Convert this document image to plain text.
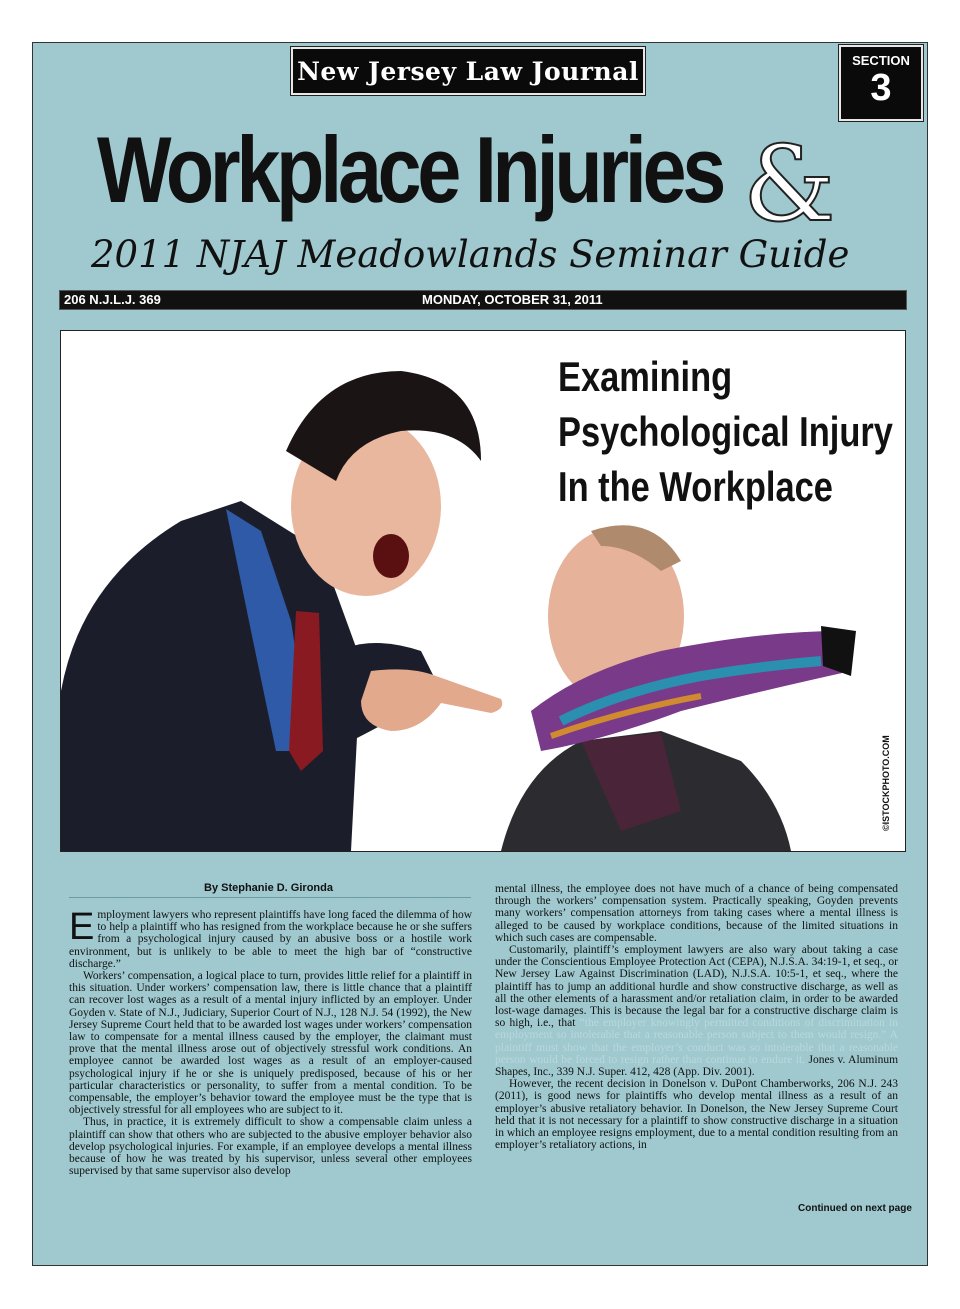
New Jersey Law Journal	SECTION
3
Workplace Injuries &
2011 NJAJ Meadowlands Seminar Guide
206 N.J.L.J. 369	MONDAY, OCTOBER 31, 2011
Examining
Psychological Injury
In the Workplace
©ISTOCKPHOTO.COM
By Stephanie D. Gironda

Employment lawyers who represent plaintiffs have long faced the dilemma of how to help a plaintiff who has resigned from the workplace because he or she suffers from a psychological injury caused by an abusive boss or a hostile work environment, but is unlikely to be able to meet the high bar of “constructive discharge.”

Workers’ compensation, a logical place to turn, provides little relief for a plaintiff in this situation. Under workers’ compensation law, there is little chance that a plaintiff can recover lost wages as a result of a mental injury inflicted by an employer. Under Goyden v. State of N.J., Judiciary, Superior Court of N.J., 128 N.J. 54 (1992), the New Jersey Supreme Court held that to be awarded lost wages under workers’ compensation law to compensate for a mental illness caused by the employer, the claimant must prove that the mental illness arose out of objectively stressful work conditions. An employee cannot be awarded lost wages as a result of an employer-caused psychological injury if he or she is uniquely predisposed, because of his or her particular characteristics or personality, to suffer from a mental condition. To be compensable, the employer’s behavior toward the employee must be the type that is objectively stressful for all employees who are subject to it.

Thus, in practice, it is extremely difficult to show a compensable claim unless a plaintiff can show that others who are subjected to the abusive employer behavior also develop psychological injuries. For example, if an employee develops a mental illness because of how he was treated by his supervisor, unless several other employees supervised by that same supervisor also develop

mental illness, the employee does not have much of a chance of being compensated through the workers’ compensation system. Practically speaking, Goyden prevents many workers’ compensation attorneys from taking cases where a mental illness is alleged to be caused by workplace conditions, because of the limited situations in which such cases are compensable.

Customarily, plaintiff’s employment lawyers are also wary about taking a case under the Conscientious Employee Protection Act (CEPA), N.J.S.A. 34:19-1, et seq., or New Jersey Law Against Discrimination (LAD), N.J.S.A. 10:5-1, et seq., where the plaintiff has to jump an additional hurdle and show constructive discharge, as well as all the other elements of a harassment and/or retaliation claim, in order to be awarded lost-wage damages. This is because the legal bar for a constructive discharge claim is so high, i.e., that “the employer knowingly permitted conditions of discrimination in employment so intolerable that a reasonable person subject to them would resign.” A plaintiff must show that the employer’s conduct was so intolerable that a reasonable person would be forced to resign rather than continue to endure it. Jones v. Aluminum Shapes, Inc., 339 N.J. Super. 412, 428 (App. Div. 2001).

However, the recent decision in Donelson v. DuPont Chamberworks, 206 N.J. 243 (2011), is good news for plaintiffs who develop mental illness as a result of an employer’s abusive retaliatory behavior. In Donelson, the New Jersey Supreme Court held that it is not necessary for a plaintiff to show constructive discharge in a situation in which an employee resigns employment, due to a mental condition resulting from an employer’s retaliatory actions, in

Continued on next page
